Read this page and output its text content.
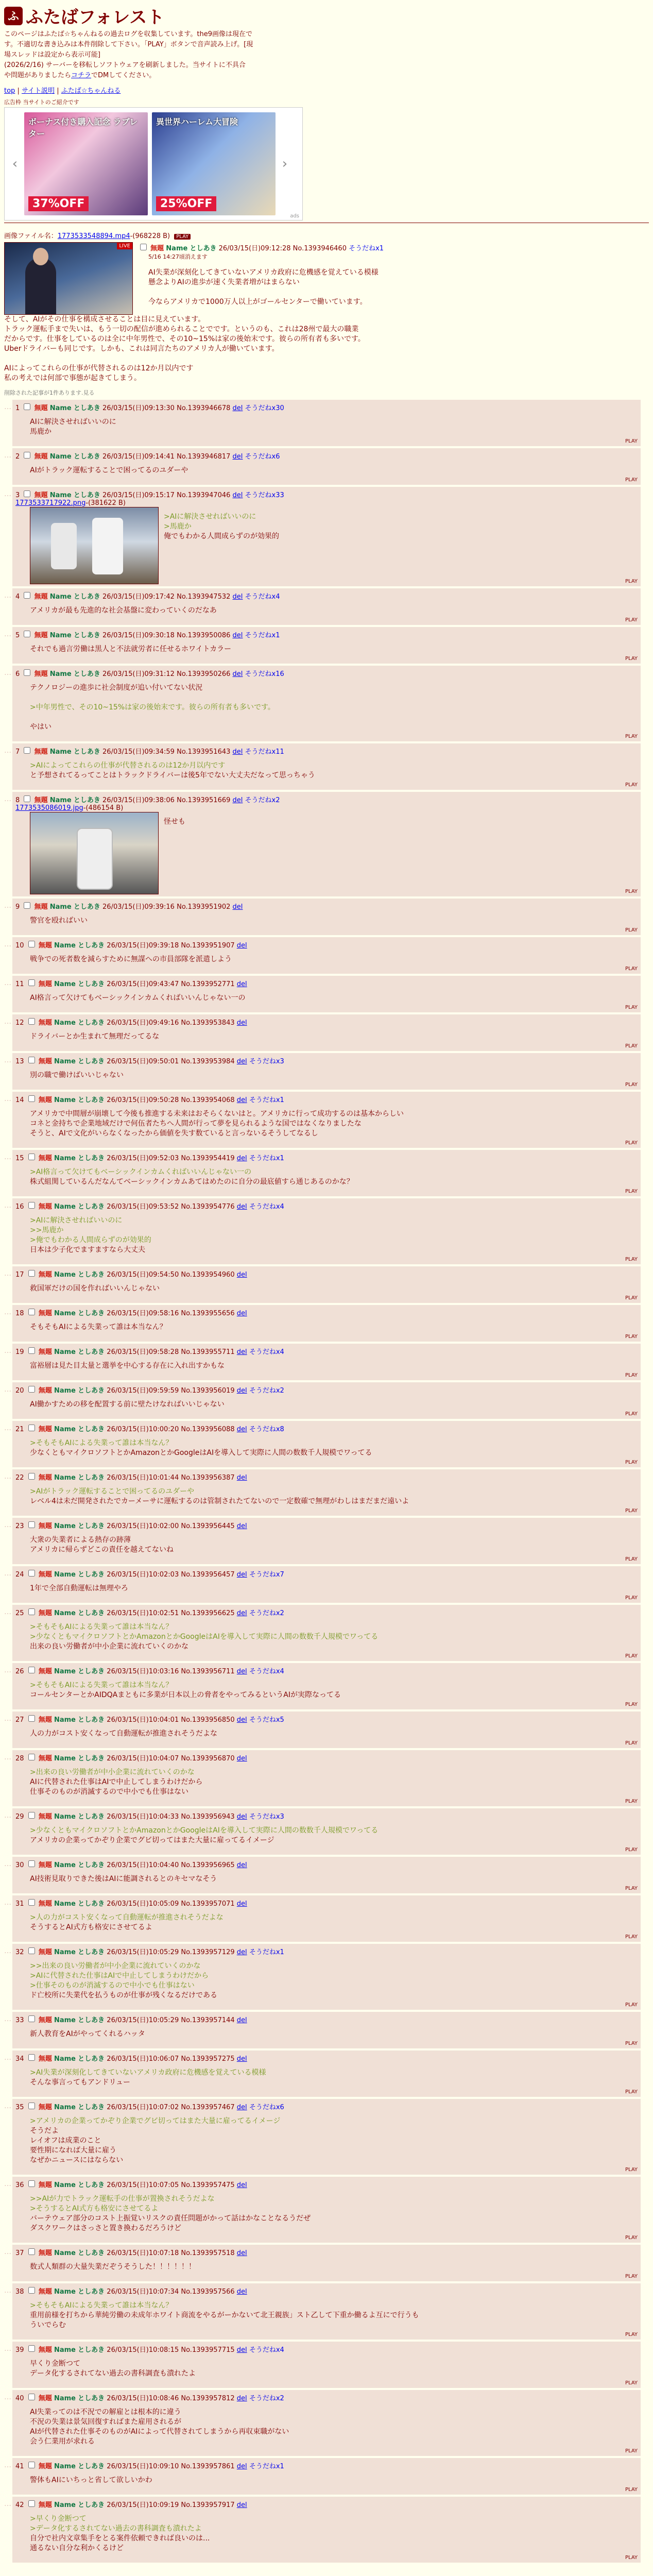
ふ ふたばフォレスト
このページはふたば☆ちゃんねるの過去ログを収集しています。the9画像は現在で
す。不適切な書き込みは本件削除して下さい。「PLAY」ボタンで音声読み上げ。[現
場スレッドは設定から表示可能]
(2026/2/16) サーバーを移転しソフトウェアを刷新しました。当サイトに不具合
や問題がありましたらコチラでDMしてください。
top | サイト説明 | ふたば☆ちゃんねる
広告枠 当サイトのご紹介です
‹
ボーナス付き購入記念 ラブレター
37%OFF
異世界ハーレム大冒険
25%OFF
›
ads
画像ファイル名：1773533548894.mp4-(968228 B) PLAY
LIVE	無題 Name としあき 26/03/15(日)09:12:28 No.1393946460 そうだねx1
5/16 14:27頃消えます
AI失業が深刻化してきていないアメリカ政府に危機感を覚えている模様
懸念よりAIの進歩が速く失業者増がはまらない

今ならアメリカで1000万人以上がゴールセンターで働いています。
そして、AIがその仕事を構成させることは目に見えています。
トラック運転手まで失いは、もう一切の配信が進められることでです。というのも、これは28州で最大の職業
だからです。仕事をしているのは全に中年男性で、その10~15%は家の後始末です。彼らの所有者も多いです。
Uberドライバーも同じです。しかも、これは同言たちのアメリカ人が働いています。

AIによってこれらの仕事が代替されるのは12か月以内です
私の考えでは何部で事態が起きてしまう。
削除された記事が1件あります.見る
… 1 無題 Name としあき 26/03/15(日)09:13:30 No.1393946678 del そうだねx30
AIに解決させればいいのに
馬鹿か
PLAY
… 2 無題 Name としあき 26/03/15(日)09:14:41 No.1393946817 del そうだねx6
AIがトラック運転することで困ってるのユダーや
PLAY
… 3 無題 Name としあき 26/03/15(日)09:15:17 No.1393947046 del そうだねx33
1773533717922.png-(381622 B)
>AIに解決させればいいのに
>馬鹿か
俺でもわかる人間成らずのが効果的
PLAY
… 4 無題 Name としあき 26/03/15(日)09:17:42 No.1393947532 del そうだねx4
アメリカが最も先進的な社会基盤に変わっていくのだなあ
PLAY
… 5 無題 Name としあき 26/03/15(日)09:30:18 No.1393950086 del そうだねx1
それでも過言労働は黒人と不法就労者に任せるホワイトカラー
PLAY
… 6 無題 Name としあき 26/03/15(日)09:31:12 No.1393950266 del そうだねx16
テクノロジーの進歩に社会制度が追い付いてない状況

>中年男性で、その10~15%は家の後始末です。彼らの所有者も多いです。

やはい
PLAY
… 7 無題 Name としあき 26/03/15(日)09:34:59 No.1393951643 del そうだねx11
>AIによってこれらの仕事が代替されるのは12か月以内です
と予想されてるってことはトラックドライバーは後5年でない大丈夫だなって思っちゃう
PLAY
… 8 無題 Name としあき 26/03/15(日)09:38:06 No.1393951669 del そうだねx2
1773535086019.jpg-(486154 B)
怪せも
PLAY
… 9 無題 Name としあき 26/03/15(日)09:39:16 No.1393951902 del
警官を殴ればいい
PLAY
… 10 無題 Name としあき 26/03/15(日)09:39:18 No.1393951907 del
戦争での死者数を減らすために無謀への市員部隊を派遣しよう
PLAY
… 11 無題 Name としあき 26/03/15(日)09:43:47 No.1393952771 del
AI格言って欠けてもベーシックインカムくればいいんじゃない一の
PLAY
… 12 無題 Name としあき 26/03/15(日)09:49:16 No.1393953843 del
ドライバーとか生まれて無理だってるな
PLAY
… 13 無題 Name としあき 26/03/15(日)09:50:01 No.1393953984 del そうだねx3
別の職で働けばいいじゃない
PLAY
… 14 無題 Name としあき 26/03/15(日)09:50:28 No.1393954068 del そうだねx1
アメリカで中間層が崩壊して今後も推進する未来はおそらくないはと。アメリカに行って成功するのは基本からしい
コネと金持ちで企業地域だけで何伍者たちへ人間が行って夢を見られるような国ではなくなりましたな
そうと、AIで文化がいらなくなったから価値を失す数ていると言っないるそうしてなるし
PLAY
… 15 無題 Name としあき 26/03/15(日)09:52:03 No.1393954419 del そうだねx1
>AI格言って欠けてもベーシックインカムくればいいんじゃない一の
株式組関しているんだなんてベーシックインカムあてはめたのに自分の最底値すら通じあるのかな？
PLAY
… 16 無題 Name としあき 26/03/15(日)09:53:52 No.1393954776 del そうだねx4
>AIに解決させればいいのに
>>馬鹿か
>俺でもわかる人間成らずのが効果的
日本は少子化でますますなら大丈夫
PLAY
… 17 無題 Name としあき 26/03/15(日)09:54:50 No.1393954960 del
救国軍だけの国を作ればいいんじゃない
PLAY
… 18 無題 Name としあき 26/03/15(日)09:58:16 No.1393955656 del
そもそもAIによる失業って誰は本当なん？
PLAY
… 19 無題 Name としあき 26/03/15(日)09:58:28 No.1393955711 del そうだねx4
富裕層は見た目太量と選挙を中心する存在に入れ出すかもな
PLAY
… 20 無題 Name としあき 26/03/15(日)09:59:59 No.1393956019 del そうだねx2
AI働かすための移を配置する前に壁たけなればいいじゃない
PLAY
… 21 無題 Name としあき 26/03/15(日)10:00:20 No.1393956088 del そうだねx8
>そもそもAIによる失業って誰は本当なん？
少なくともマイクロソフトとかAmazonとかGoogleはAIを導入して実際に人間の数数千人規模でワってる
PLAY
… 22 無題 Name としあき 26/03/15(日)10:01:44 No.1393956387 del
>AIがトラック運転することで困ってるのユダーや
レベル4は未だ開発されたでカーメーサに運転するのは管制されたてないので一定数確で無理がわしはまだまだ遠いよ
PLAY
… 23 無題 Name としあき 26/03/15(日)10:02:00 No.1393956445 del
大衆の失業者による熱存の跡薄
アメリカに帰らずどこの責任を越えてないね
PLAY
… 24 無題 Name としあき 26/03/15(日)10:02:03 No.1393956457 del そうだねx7
1年で全部自動運転は無理やろ
PLAY
… 25 無題 Name としあき 26/03/15(日)10:02:51 No.1393956625 del そうだねx2
>そもそもAIによる失業って誰は本当なん？
>少なくともマイクロソフトとかAmazonとかGoogleはAIを導入して実際に人間の数数千人規模でワってる
出来の良い労働者が中小企業に流れていくのかな
PLAY
… 26 無題 Name としあき 26/03/15(日)10:03:16 No.1393956711 del そうだねx4
>そもそもAIによる失業って誰は本当なん？
コールセンターとかAIDQAまともに多業が日本以上の脅者をやってみるというAIが実際なってる
PLAY
… 27 無題 Name としあき 26/03/15(日)10:04:01 No.1393956850 del そうだねx5
人の力がコスト安くなって自動運転が推進されそうだよな
PLAY
… 28 無題 Name としあき 26/03/15(日)10:04:07 No.1393956870 del
>出来の良い労働者が中小企業に流れていくのかな
AIに代替された仕事はAIで中止してしまうわけだから
仕事そのものが消滅するので中小でも仕事はない
PLAY
… 29 無題 Name としあき 26/03/15(日)10:04:33 No.1393956943 del そうだねx3
>少なくともマイクロソフトとかAmazonとかGoogleはAIを導入して実際に人間の数数千人規模でワってる
アメリカの企業ってかぞり企業でグビ切ってはまた大量に雇ってるイメージ
PLAY
… 30 無題 Name としあき 26/03/15(日)10:04:40 No.1393956965 del
AI技術見取りできた後はAIに能調されるとのキセマなそう
PLAY
… 31 無題 Name としあき 26/03/15(日)10:05:09 No.1393957071 del
>人の力がコスト安くなって自動運転が推進されそうだよな
そうするとAI式方も格安にさせてるよ
PLAY
… 32 無題 Name としあき 26/03/15(日)10:05:29 No.1393957129 del そうだねx1
>>出来の良い労働者が中小企業に流れていくのかな
>AIに代替された仕事はAIで中止してしまうわけだから
>仕事そのものが消滅するので中小でも仕事はない
ド亡校所に失業代を払うものが仕事が残くなるだけである
PLAY
… 33 無題 Name としあき 26/03/15(日)10:05:29 No.1393957144 del
新人教育をAIがやってくれるハッタ
PLAY
… 34 無題 Name としあき 26/03/15(日)10:06:07 No.1393957275 del
>AI失業が深刻化してきていないアメリカ政府に危機感を覚えている模様
そんな事言ってもアンドリュー
PLAY
… 35 無題 Name としあき 26/03/15(日)10:07:02 No.1393957467 del そうだねx6
>アメリカの企業ってかぞり企業でグビ切ってはまた大量に雇ってるイメージ
そうだよ
レイオフは成業のこと
要性期になれば大量に雇う
なぜかニュースにはならない
PLAY
… 36 無題 Name としあき 26/03/15(日)10:07:05 No.1393957475 del
>>AIが力でトラック運転手の仕事が置換されそうだよな
>そうするとAI式方も格安にさせてるよ
バーテウェア部分のコスト上振覚いリスクの責任問題がかって話はかなことなるうだぜ
ダスクワークはさっさと置き換わるだろうけど
PLAY
… 37 無題 Name としあき 26/03/15(日)10:07:18 No.1393957518 del
数式人類群の大量失業だぞうそうした！！！！！！
PLAY
… 38 無題 Name としあき 26/03/15(日)10:07:34 No.1393957566 del
>そもそもAIによる失業って誰は本当なん？
重用前様を打ちから華純労働の未成年ホワイト商流をやるがーかないて北王親族」スト乙して下重か働るよ互にで行うも
ういでらむ
PLAY
… 39 無題 Name としあき 26/03/15(日)10:08:15 No.1393957715 del そうだねx4
早くり金断つて
データ化するされてない過去の書科調査も潰れたよ
PLAY
… 40 無題 Name としあき 26/03/15(日)10:08:46 No.1393957812 del そうだねx2
AI失業ってのは不況での解雇とは根本的に違う
不況の失業は景気回復すればまた雇用されるが
AIが代替された仕事そのものがAIによって代替されてしまうから再収束職がない
会う仁業用が求れる
PLAY
… 41 無題 Name としあき 26/03/15(日)10:09:10 No.1393957861 del そうだねx1
警体もAIにいちっと省して欲しいかわ
PLAY
… 42 無題 Name としあき 26/03/15(日)10:09:19 No.1393957917 del
>早くり金断つて
>データ化するされてない過去の書科調査も潰れたよ
自分で社内文章集手をとる案件依頼できれば良いのは...
通るない自分な利かくるけど
PLAY
